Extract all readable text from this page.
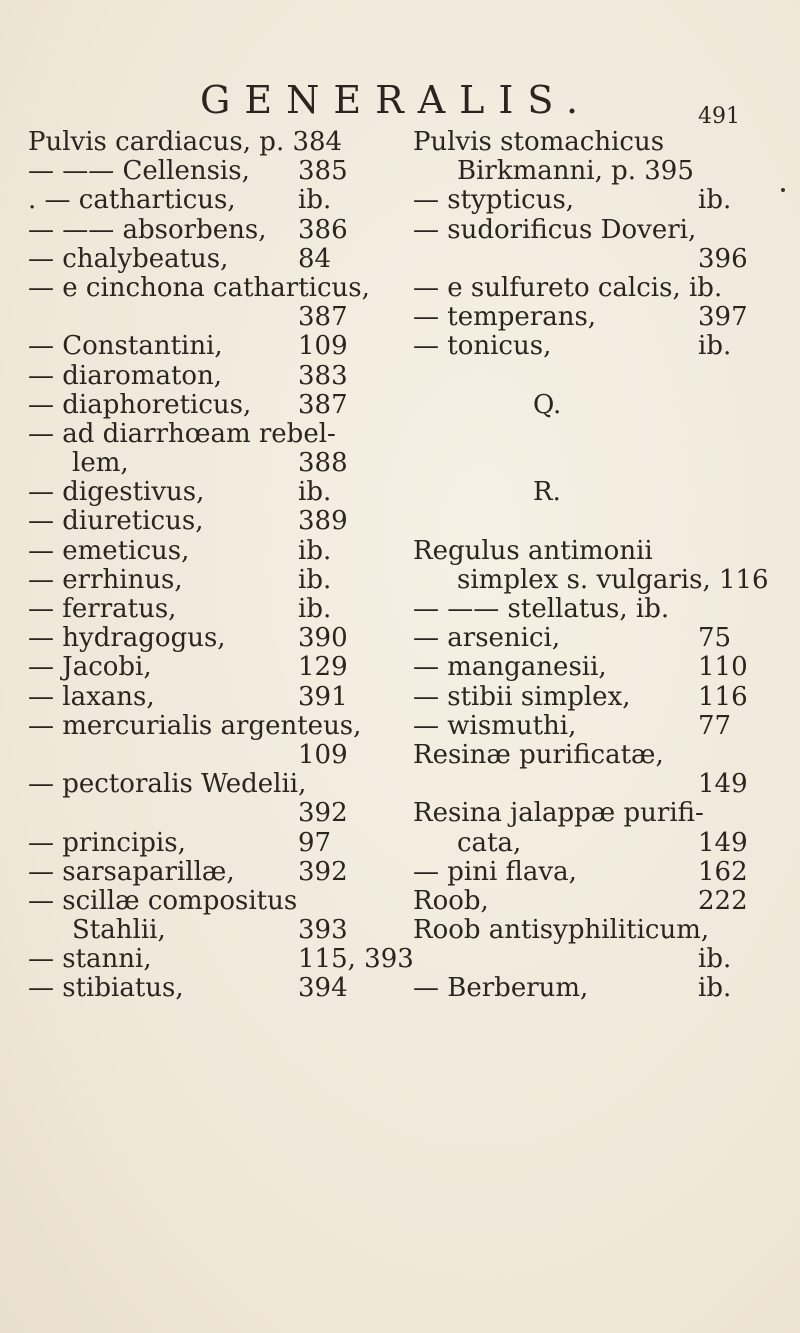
GENERALIS.	491
Pulvis cardiacus, p. 384
— —— Cellensis, 385
. — catharticus, ib.
— —— absorbens, 386
— chalybeatus,	84
— e cinchona catharticus,
387
— Constantini,	109
— diaromaton,	383
— diaphoreticus, 387
— ad diarrhœam rebel-
lem,	388
— digestivus,	ib.
— diureticus,	389
— emeticus,	ib.
— errhinus,	ib.
— ferratus,	ib.
— hydragogus,	390
— Jacobi,	129
— laxans,	391
— mercurialis argenteus,
109
— pectoralis Wedelii,
392
— principis,	97
— sarsaparillæ, 392
— scillæ compositus
Stahlii,	393
— stanni,	115, 393
— stibiatus,	394
Pulvis stomachicus
Birkmanni, p. 395
— stypticus,	ib.
— sudorificus Doveri,
396
— e sulfureto calcis, ib.
— temperans,	397
— tonicus,	ib.
Q.
R.
Regulus antimonii
simplex s. vulgaris, 116
— —— stellatus, ib.
— arsenici,	75
— manganesii,	110
— stibii simplex,	116
— wismuthi,	77
Resinæ purificatæ,
149
Resina jalappæ purifi-
cata,	149
— pini flava,	162
Roob,	222
Roob antisyphiliticum,
ib.
— Berberum,	ib.
